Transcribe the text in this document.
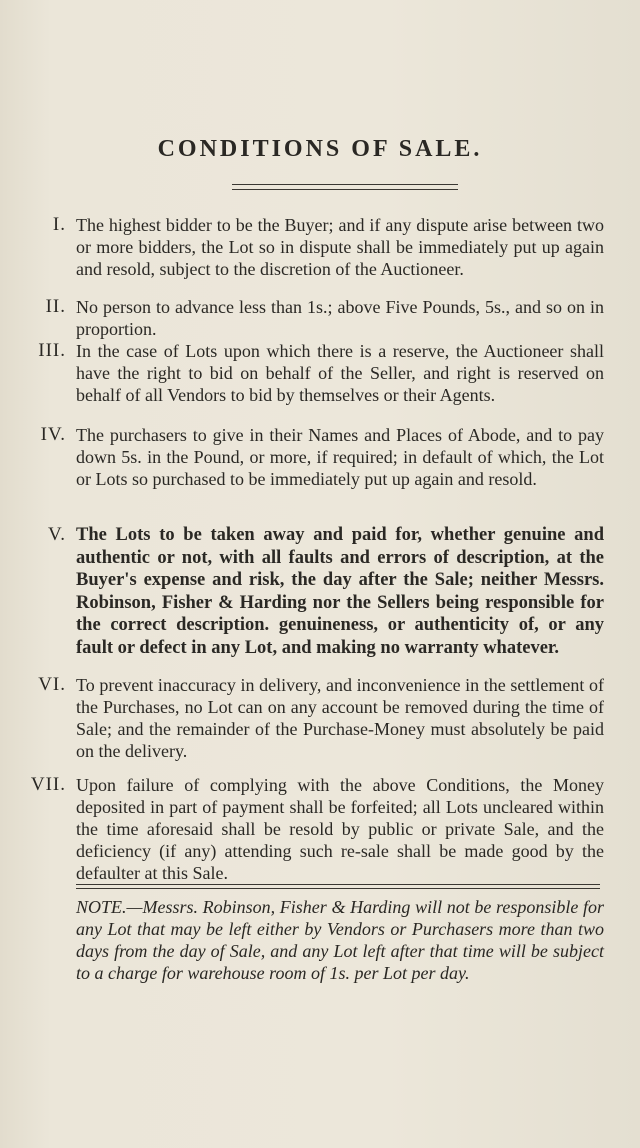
CONDITIONS OF SALE.
I. The highest bidder to be the Buyer; and if any dispute arise between two or more bidders, the Lot so in dispute shall be immediately put up again and resold, subject to the discretion of the Auctioneer.
II. No person to advance less than 1s.; above Five Pounds, 5s., and so on in proportion.
III. In the case of Lots upon which there is a reserve, the Auctioneer shall have the right to bid on behalf of the Seller, and right is reserved on behalf of all Vendors to bid by themselves or their Agents.
IV. The purchasers to give in their Names and Places of Abode, and to pay down 5s. in the Pound, or more, if required; in default of which, the Lot or Lots so purchased to be immediately put up again and resold.
V. The Lots to be taken away and paid for, whether genuine and authentic or not, with all faults and errors of description, at the Buyer's expense and risk, the day after the Sale; neither Messrs. Robinson, Fisher & Harding nor the Sellers being responsible for the correct description. genuineness, or authenticity of, or any fault or defect in any Lot, and making no warranty whatever.
VI. To prevent inaccuracy in delivery, and inconvenience in the settlement of the Purchases, no Lot can on any account be removed during the time of Sale; and the remainder of the Purchase-Money must absolutely be paid on the delivery.
VII. Upon failure of complying with the above Conditions, the Money deposited in part of payment shall be forfeited; all Lots uncleared within the time aforesaid shall be resold by public or private Sale, and the deficiency (if any) attending such re-sale shall be made good by the defaulter at this Sale.
NOTE.—Messrs. Robinson, Fisher & Harding will not be responsible for any Lot that may be left either by Vendors or Purchasers more than two days from the day of Sale, and any Lot left after that time will be subject to a charge for warehouse room of 1s. per Lot per day.
